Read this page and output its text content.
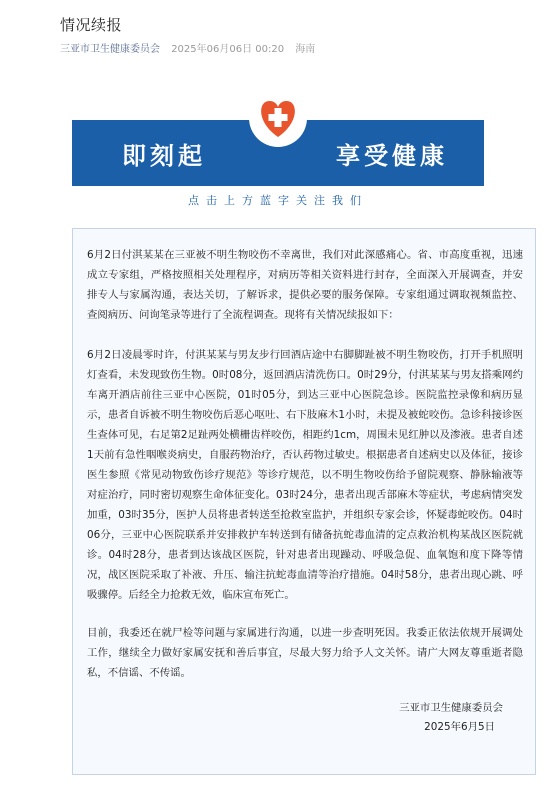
情况续报
三亚市卫生健康委员会 2025年06月06日 00:20 海南
即刻起	享受健康
点击上方蓝字关注我们

6月2日付淇某某在三亚被不明生物咬伤不幸离世，我们对此深感痛心。省、市高度重视，迅速成立专家组，严格按照相关处理程序，对病历等相关资料进行封存，全面深入开展调查，并安排专人与家属沟通，表达关切，了解诉求，提供必要的服务保障。专家组通过调取视频监控、查阅病历、问询笔录等进行了全流程调查。现将有关情况续报如下：

6月2日凌晨零时许，付淇某某与男友步行回酒店途中右脚脚趾被不明生物咬伤，打开手机照明灯查看，未发现致伤生物。0时08分，返回酒店清洗伤口。0时29分，付淇某某与男友搭乘网约车离开酒店前往三亚中心医院，01时05分，到达三亚中心医院急诊。医院监控录像和病历显示，患者自诉被不明生物咬伤后恶心呕吐、右下肢麻木1小时，未提及被蛇咬伤。急诊科接诊医生查体可见，右足第2足趾两处横栅齿样咬伤，相距约1cm，周围未见红肿以及渗液。患者自述1天前有急性咽喉炎病史，自服药物治疗，否认药物过敏史。根据患者自述病史以及体征，接诊医生参照《常见动物致伤诊疗规范》等诊疗规范，以不明生物咬伤给予留院观察、静脉输液等对症治疗，同时密切观察生命体征变化。03时24分，患者出现舌部麻木等症状，考虑病情突发加重，03时35分，医护人员将患者转送至抢救室监护，并组织专家会诊，怀疑毒蛇咬伤。04时06分，三亚中心医院联系并安排救护车转送到有储备抗蛇毒血清的定点救治机构某战区医院就诊。04时28分，患者到达该战区医院，针对患者出现躁动、呼吸急促、血氧饱和度下降等情况，战区医院采取了补液、升压、输注抗蛇毒血清等治疗措施。04时58分，患者出现心跳、呼吸骤停。后经全力抢救无效，临床宣布死亡。

目前，我委还在就尸检等问题与家属进行沟通，以进一步查明死因。我委正依法依规开展调处工作，继续全力做好家属安抚和善后事宜，尽最大努力给予人文关怀。请广大网友尊重逝者隐私，不信谣、不传谣。

三亚市卫生健康委员会
2025年6月5日
